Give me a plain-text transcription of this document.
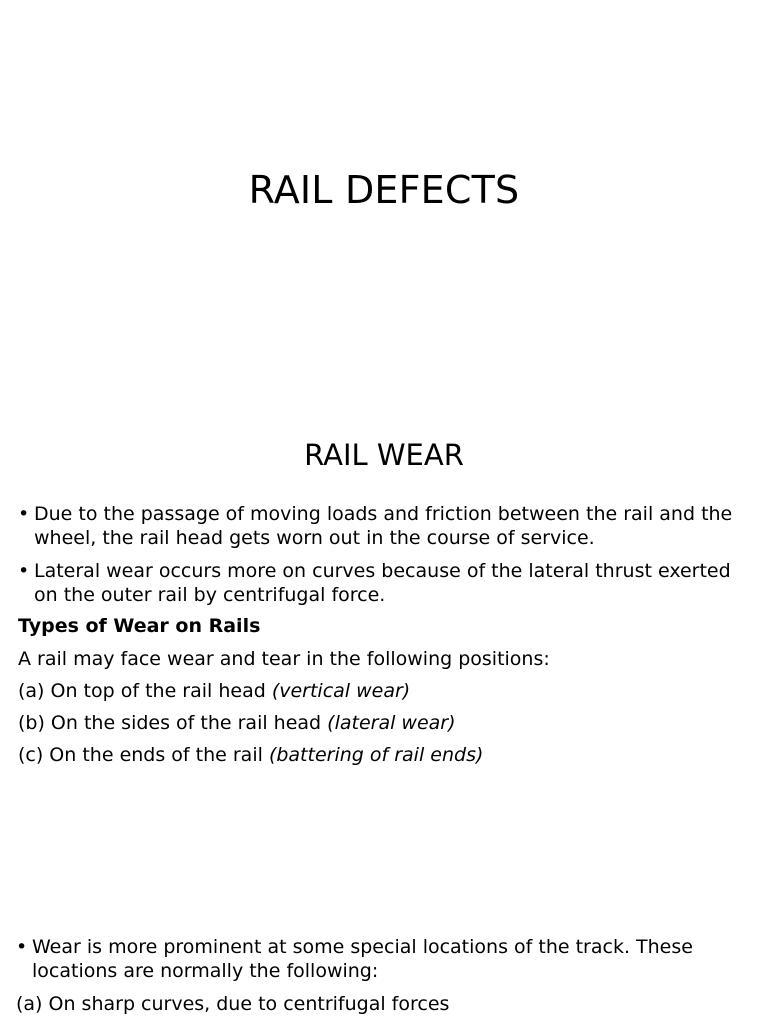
RAIL DEFECTS
RAIL WEAR
• Due to the passage of moving loads and friction between the rail and the wheel, the rail head gets worn out in the course of service.
• Lateral wear occurs more on curves because of the lateral thrust exerted on the outer rail by centrifugal force.
Types of Wear on Rails
A rail may face wear and tear in the following positions:

(a) On top of the rail head (vertical wear)

(b) On the sides of the rail head (lateral wear)

(c) On the ends of the rail (battering of rail ends)

• Wear is more prominent at some special locations of the track. These locations are normally the following:
(a) On sharp curves, due to centrifugal forces
